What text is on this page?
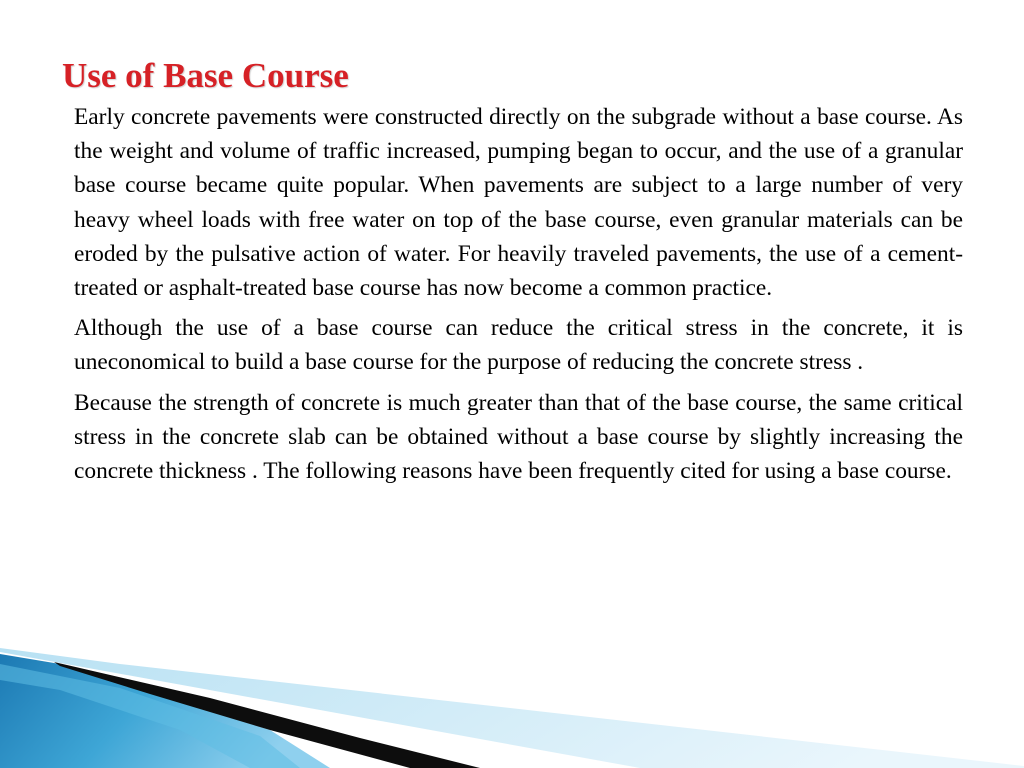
Use of Base Course

Early concrete pavements were constructed directly on the subgrade without a base course. As the weight and volume of traffic increased, pumping began to occur, and the use of a granular base course became quite popular. When pavements are subject to a large number of very heavy wheel loads with free water on top of the base course, even granular materials can be eroded by the pulsative action of water. For heavily traveled pavements, the use of a cement-treated or asphalt-treated base course has now become a common practice.

Although the use of a base course can reduce the critical stress in the concrete, it is uneconomical to build a base course for the purpose of reducing the concrete stress .

Because the strength of concrete is much greater than that of the base course, the same critical stress in the concrete slab can be obtained without a base course by slightly increasing the concrete thickness . The following reasons have been frequently cited for using a base course.
